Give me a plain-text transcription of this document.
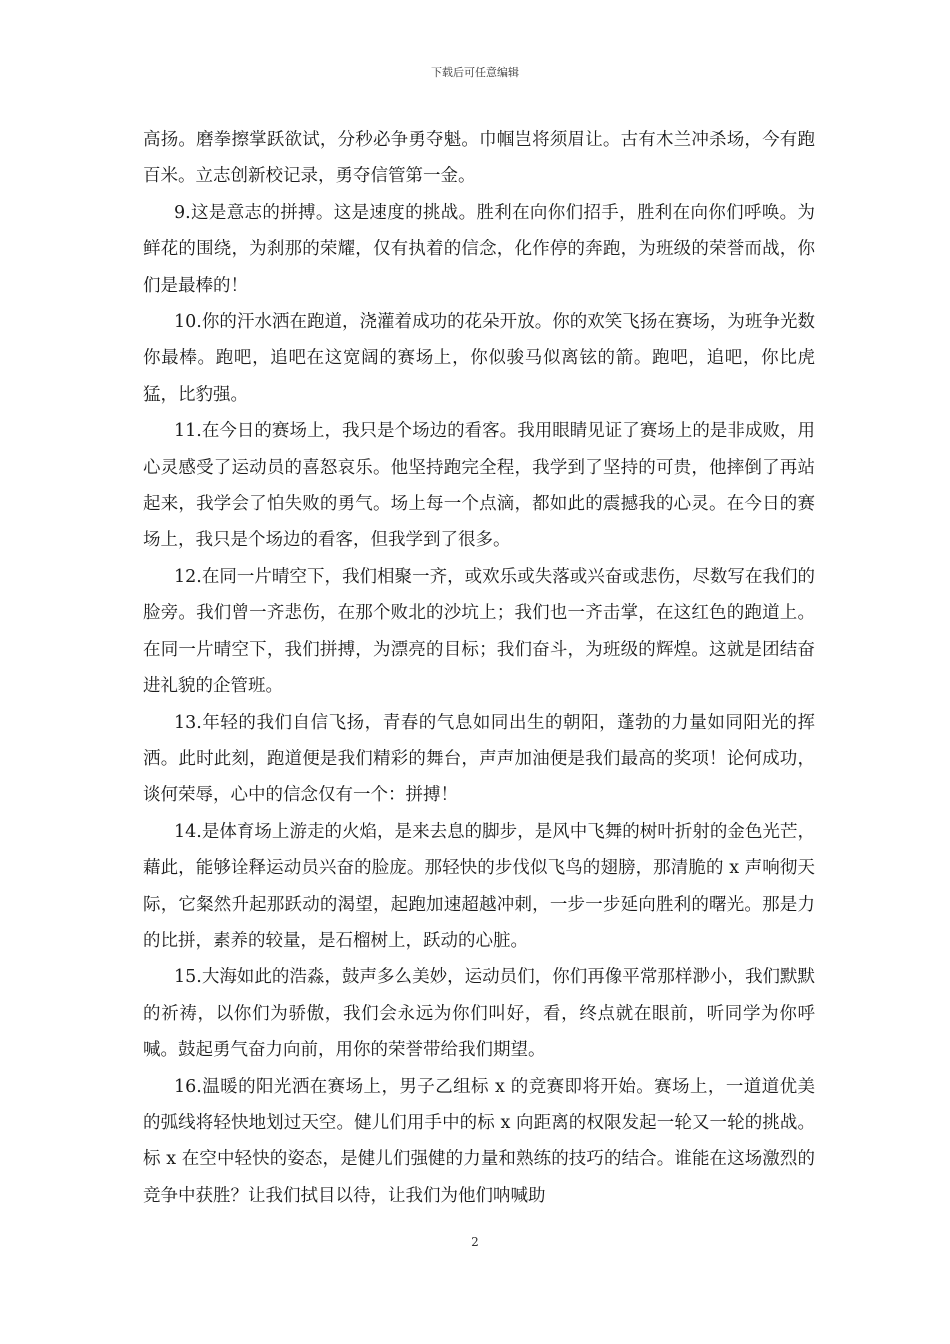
下载后可任意编辑

高扬。磨拳擦掌跃欲试，分秒必争勇夺魁。巾帼岂将须眉让。古有木兰冲杀场，今有跑百米。立志创新校记录，勇夺信管第一金。

9.这是意志的拼搏。这是速度的挑战。胜利在向你们招手，胜利在向你们呼唤。为鲜花的围绕，为刹那的荣耀，仅有执着的信念，化作停的奔跑，为班级的荣誉而战，你们是最棒的！

10.你的汗水洒在跑道，浇灌着成功的花朵开放。你的欢笑飞扬在赛场，为班争光数你最棒。跑吧，追吧在这宽阔的赛场上，你似骏马似离铉的箭。跑吧，追吧，你比虎猛，比豹强。

11.在今日的赛场上，我只是个场边的看客。我用眼睛见证了赛场上的是非成败，用心灵感受了运动员的喜怒哀乐。他坚持跑完全程，我学到了坚持的可贵，他摔倒了再站起来，我学会了怕失败的勇气。场上每一个点滴，都如此的震撼我的心灵。在今日的赛场上，我只是个场边的看客，但我学到了很多。

12.在同一片晴空下，我们相聚一齐，或欢乐或失落或兴奋或悲伤，尽数写在我们的脸旁。我们曾一齐悲伤，在那个败北的沙坑上；我们也一齐击掌，在这红色的跑道上。在同一片晴空下，我们拼搏，为漂亮的目标；我们奋斗，为班级的辉煌。这就是团结奋进礼貌的企管班。

13.年轻的我们自信飞扬，青春的气息如同出生的朝阳，蓬勃的力量如同阳光的挥洒。此时此刻，跑道便是我们精彩的舞台，声声加油便是我们最高的奖项！论何成功，谈何荣辱，心中的信念仅有一个：拼搏！

14.是体育场上游走的火焰，是来去息的脚步，是风中飞舞的树叶折射的金色光芒，藉此，能够诠释运动员兴奋的脸庞。那轻快的步伐似飞鸟的翅膀，那清脆的 x 声响彻天际，它粲然升起那跃动的渴望，起跑加速超越冲刺，一步一步延向胜利的曙光。那是力的比拼，素养的较量，是石榴树上，跃动的心脏。

15.大海如此的浩淼，鼓声多么美妙，运动员们，你们再像平常那样渺小，我们默默的祈祷，以你们为骄傲，我们会永远为你们叫好，看，终点就在眼前，听同学为你呼喊。鼓起勇气奋力向前，用你的荣誉带给我们期望。

16.温暖的阳光洒在赛场上，男子乙组标 x 的竞赛即将开始。赛场上，一道道优美的弧线将轻快地划过天空。健儿们用手中的标 x 向距离的权限发起一轮又一轮的挑战。标 x 在空中轻快的姿态，是健儿们强健的力量和熟练的技巧的结合。谁能在这场激烈的竞争中获胜？让我们拭目以待，让我们为他们呐喊助

2
